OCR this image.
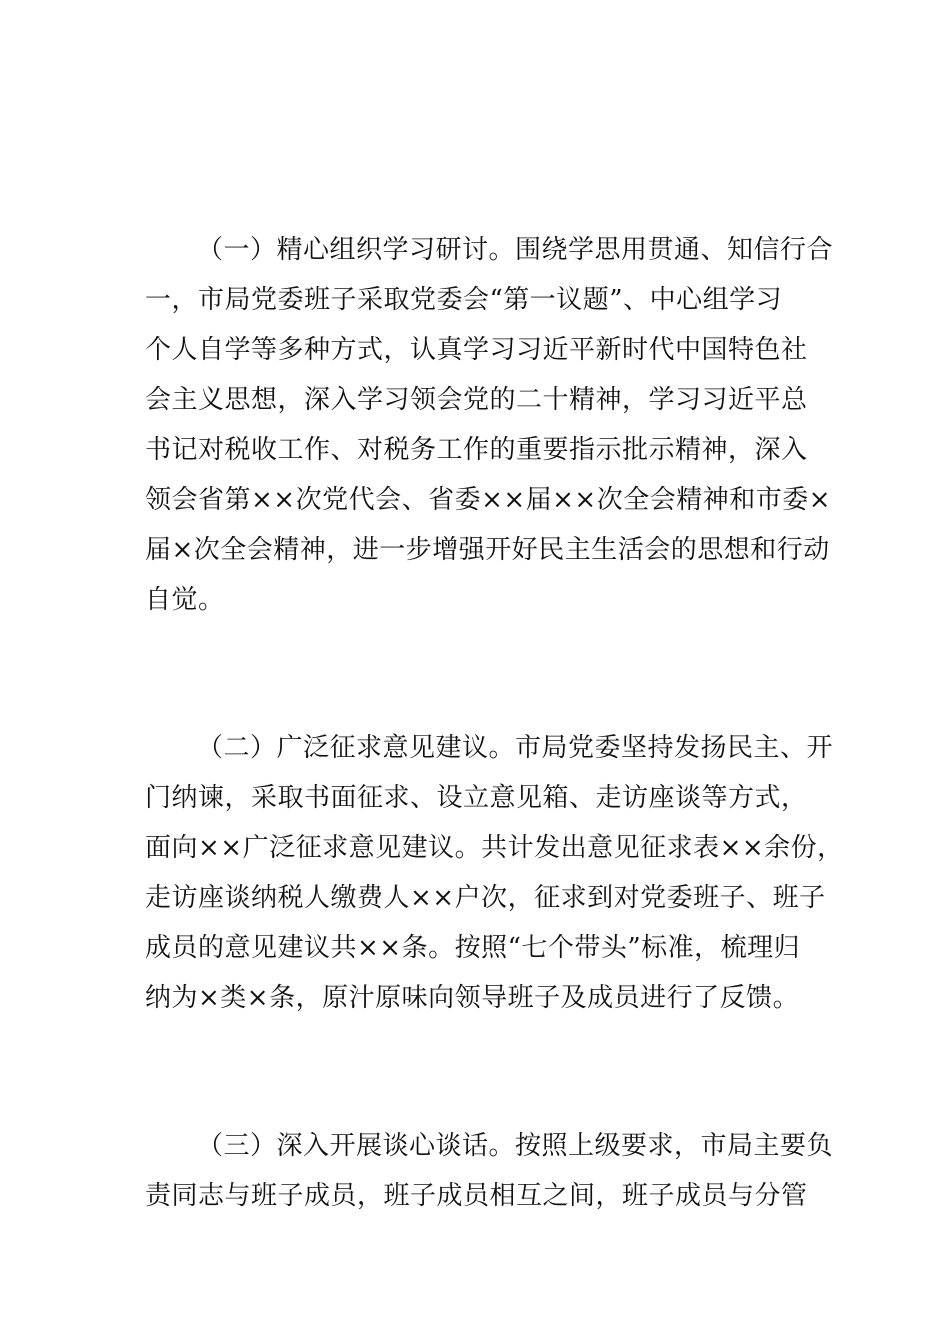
（一）精心组织学习研讨。围绕学思用贯通、知信行合
一，市局党委班子采取党委会“第一议题”、中心组学习
个人自学等多种方式，认真学习习近平新时代中国特色社
会主义思想，深入学习领会党的二十精神，学习习近平总
书记对税收工作、对税务工作的重要指示批示精神，深入
领会省第××次党代会、省委××届××次全会精神和市委×
届×次全会精神，进一步增强开好民主生活会的思想和行动
自觉。
（二）广泛征求意见建议。市局党委坚持发扬民主、开
门纳谏，采取书面征求、设立意见箱、走访座谈等方式，
面向××广泛征求意见建议。共计发出意见征求表××余份，
走访座谈纳税人缴费人××户次，征求到对党委班子、班子
成员的意见建议共××条。按照“七个带头”标准，梳理归
纳为×类×条，原汁原味向领导班子及成员进行了反馈。
（三）深入开展谈心谈话。按照上级要求，市局主要负
责同志与班子成员，班子成员相互之间，班子成员与分管
